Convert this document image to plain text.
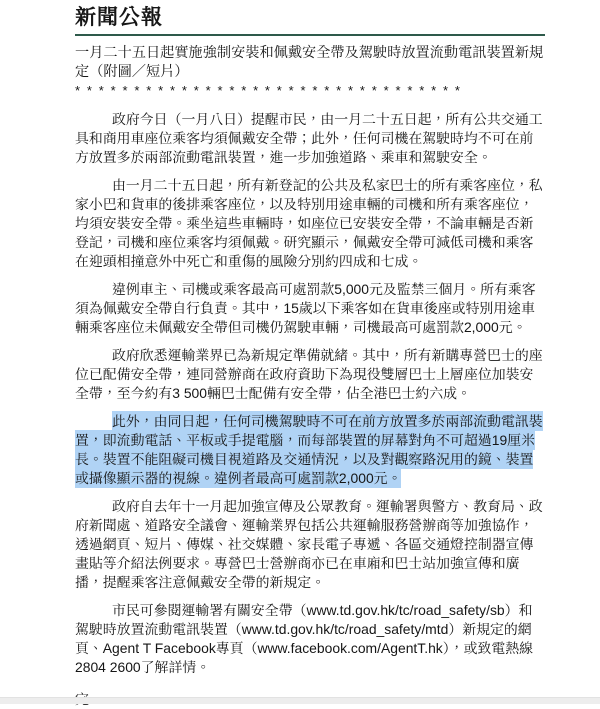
新聞公報
一月二十五日起實施強制安裝和佩戴安全帶及駕駛時放置流動電訊裝置新規定（附圖／短片）
* * * * * * * * * * * * * * * * * * * * * * * * * * * * * * * * *

政府今日（一月八日）提醒市民，由一月二十五日起，所有公共交通工具和商用車座位乘客均須佩戴安全帶；此外，任何司機在駕駛時均不可在前方放置多於兩部流動電訊裝置，進一步加強道路、乘車和駕駛安全。

由一月二十五日起，所有新登記的公共及私家巴士的所有乘客座位，私家小巴和貨車的後排乘客座位，以及特別用途車輛的司機和所有乘客座位，均須安裝安全帶。乘坐這些車輛時，如座位已安裝安全帶，不論車輛是否新登記，司機和座位乘客均須佩戴。研究顯示，佩戴安全帶可減低司機和乘客在迎頭相撞意外中死亡和重傷的風險分別約四成和七成。

違例車主、司機或乘客最高可處罰款5,000元及監禁三個月。所有乘客須為佩戴安全帶自行負責。其中，15歲以下乘客如在貨車後座或特別用途車輛乘客座位未佩戴安全帶但司機仍駕駛車輛，司機最高可處罰款2,000元。

政府欣悉運輸業界已為新規定準備就緒。其中，所有新購專營巴士的座位已配備安全帶，連同營辦商在政府資助下為現役雙層巴士上層座位加裝安全帶，至今約有3 500輛巴士配備有安全帶，佔全港巴士約六成。

此外，由同日起，任何司機駕駛時不可在前方放置多於兩部流動電訊裝置，即流動電話、平板或手提電腦，而每部裝置的屏幕對角不可超過19厘米長。裝置不能阻礙司機目視道路及交通情況，以及對觀察路況用的鏡、裝置或攝像顯示器的視線。違例者最高可處罰款2,000元。

政府自去年十一月起加強宣傳及公眾教育。運輸署與警方、教育局、政府新聞處、道路安全議會、運輸業界包括公共運輸服務營辦商等加強協作，透過網頁、短片、傳媒、社交媒體、家長電子專遞、各區交通燈控制器宣傳畫貼等介紹法例要求。專營巴士營辦商亦已在車廂和巴士站加強宣傳和廣播，提醒乘客注意佩戴安全帶的新規定。

市民可參閱運輸署有關安全帶（www.td.gov.hk/tc/road_safety/sb）和駕駛時放置流動電訊裝置（www.td.gov.hk/tc/road_safety/mtd）新規定的網頁、Agent T Facebook專頁（www.facebook.com/AgentT.hk），或致電熱線2804 2600了解詳情。
